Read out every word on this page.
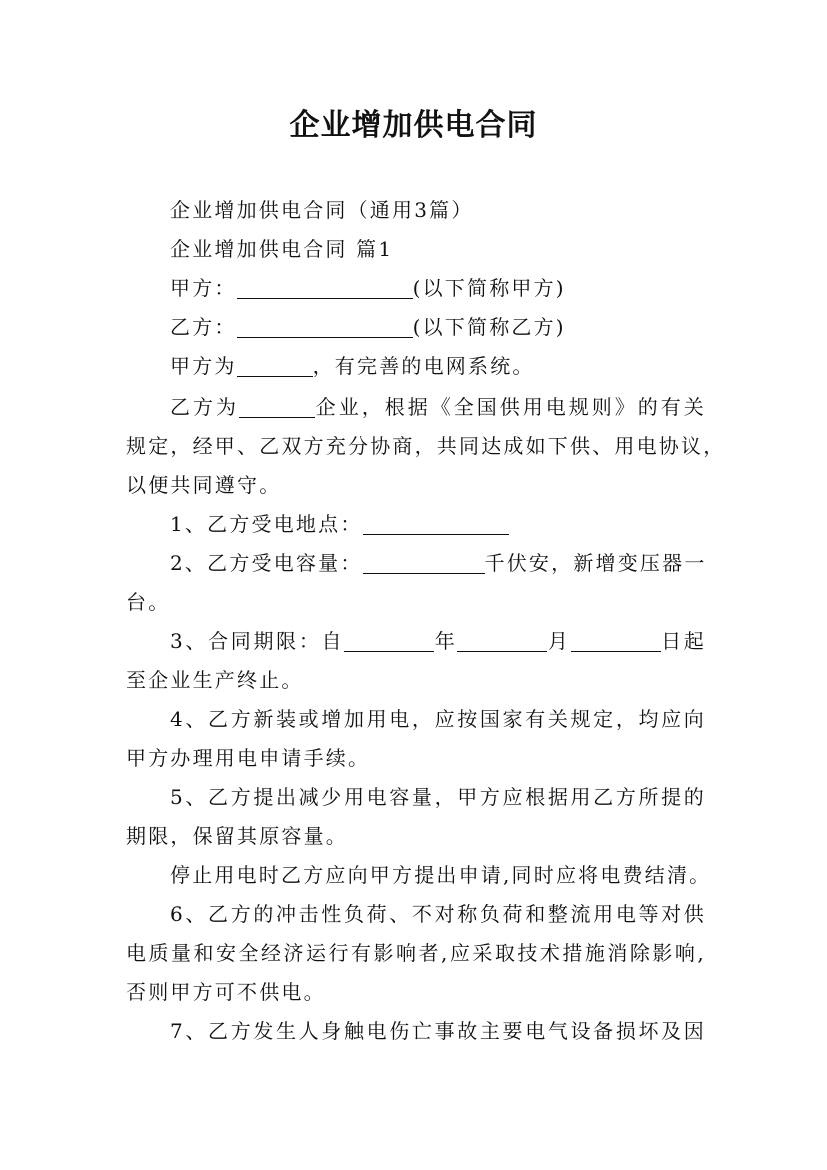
企业增加供电合同
企业增加供电合同（通用3篇）
企业增加供电合同 篇1
甲方：	(以下简称甲方)
乙方：	(以下简称乙方)
甲方为	，有完善的电网系统。
乙方为	企业，根据《全国供用电规则》的有关
规定，经甲、乙双方充分协商，共同达成如下供、用电协议，
以便共同遵守。
1、乙方受电地点：
2、乙方受电容量：	千伏安，新增变压器一
台。
3、合同期限：自	年	月	日起
至企业生产终止。
4、乙方新装或增加用电，应按国家有关规定，均应向
甲方办理用电申请手续。
5、乙方提出减少用电容量，甲方应根据用乙方所提的
期限，保留其原容量。
停止用电时乙方应向甲方提出申请,同时应将电费结清。
6、乙方的冲击性负荷、不对称负荷和整流用电等对供
电质量和安全经济运行有影响者,应采取技术措施消除影响,
否则甲方可不供电。
7、乙方发生人身触电伤亡事故主要电气设备损坏及因
